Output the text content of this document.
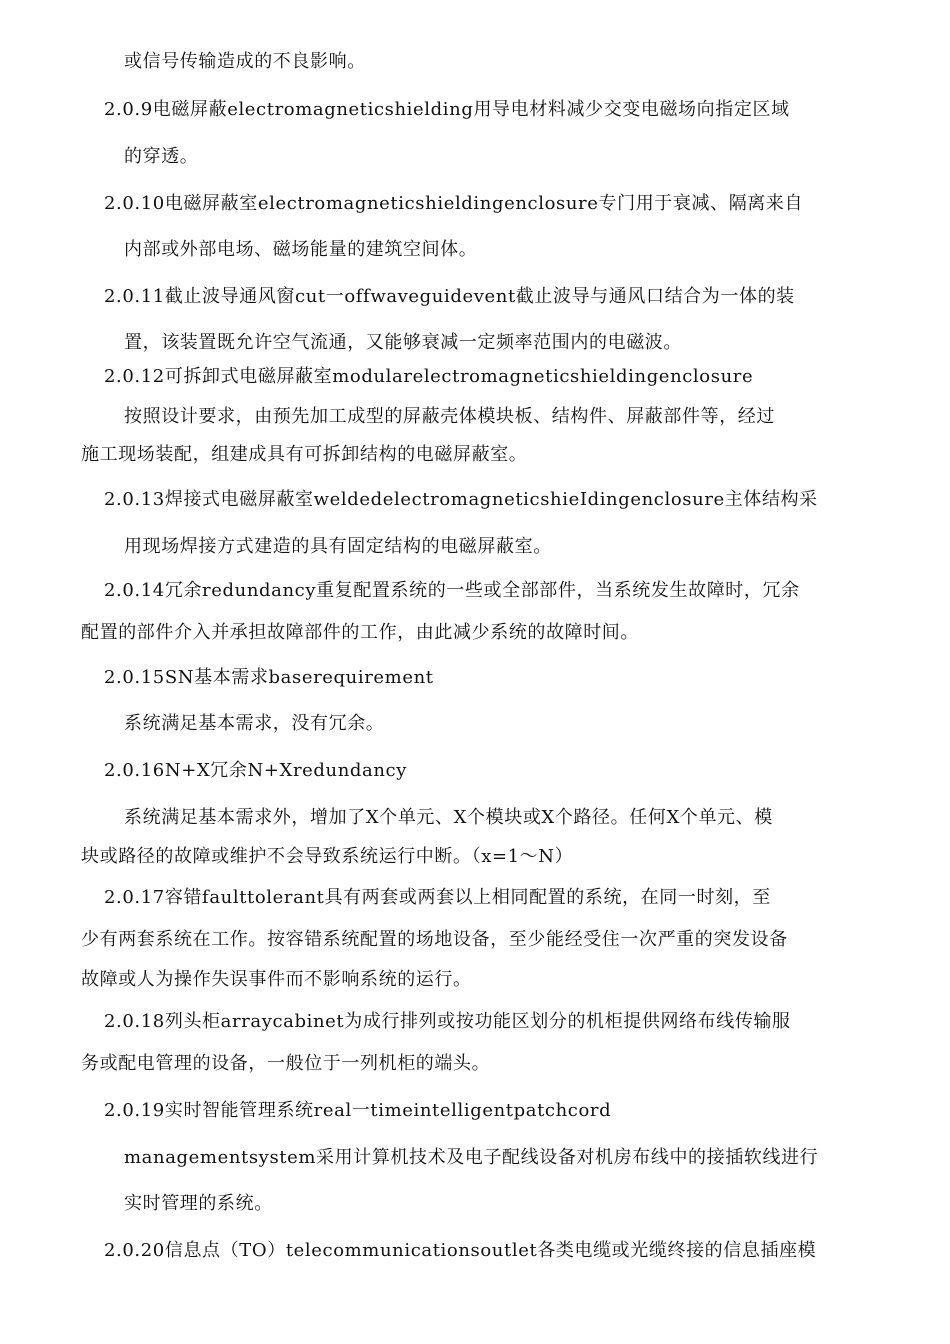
或信号传输造成的不良影响。
2.0.9电磁屏蔽electromagneticshielding用导电材料减少交变电磁场向指定区域
的穿透。
2.0.10电磁屏蔽室electromagneticshieldingenclosure专门用于衰减、隔离来自
内部或外部电场、磁场能量的建筑空间体。
2.0.11截止波导通风窗cut一offwaveguidevent截止波导与通风口结合为一体的装
置，该装置既允许空气流通，又能够衰减一定频率范围内的电磁波。
2.0.12可拆卸式电磁屏蔽室modularelectromagneticshieldingenclosure
按照设计要求，由预先加工成型的屏蔽壳体模块板、结构件、屏蔽部件等，经过
施工现场装配，组建成具有可拆卸结构的电磁屏蔽室。
2.0.13焊接式电磁屏蔽室weldedelectromagneticshieIdingenclosure主体结构采
用现场焊接方式建造的具有固定结构的电磁屏蔽室。
2.0.14冗余redundancy重复配置系统的一些或全部部件，当系统发生故障时，冗余
配置的部件介入并承担故障部件的工作，由此减少系统的故障时间。
2.0.15SN基本需求baserequirement
系统满足基本需求，没有冗余。
2.0.16N+X冗余N+Xredundancy
系统满足基本需求外，增加了X个单元、X个模块或X个路径。任何X个单元、模
块或路径的故障或维护不会导致系统运行中断。（x=1〜N）
2.0.17容错faulttolerant具有两套或两套以上相同配置的系统，在同一时刻，至
少有两套系统在工作。按容错系统配置的场地设备，至少能经受住一次严重的突发设备
故障或人为操作失误事件而不影响系统的运行。
2.0.18列头柜arraycabinet为成行排列或按功能区划分的机柜提供网络布线传输服
务或配电管理的设备，一般位于一列机柜的端头。
2.0.19实时智能管理系统real一timeintelligentpatchcord
managementsystem采用计算机技术及电子配线设备对机房布线中的接插软线进行
实时管理的系统。
2.0.20信息点（TO）telecommunicationsoutlet各类电缆或光缆终接的信息插座模
